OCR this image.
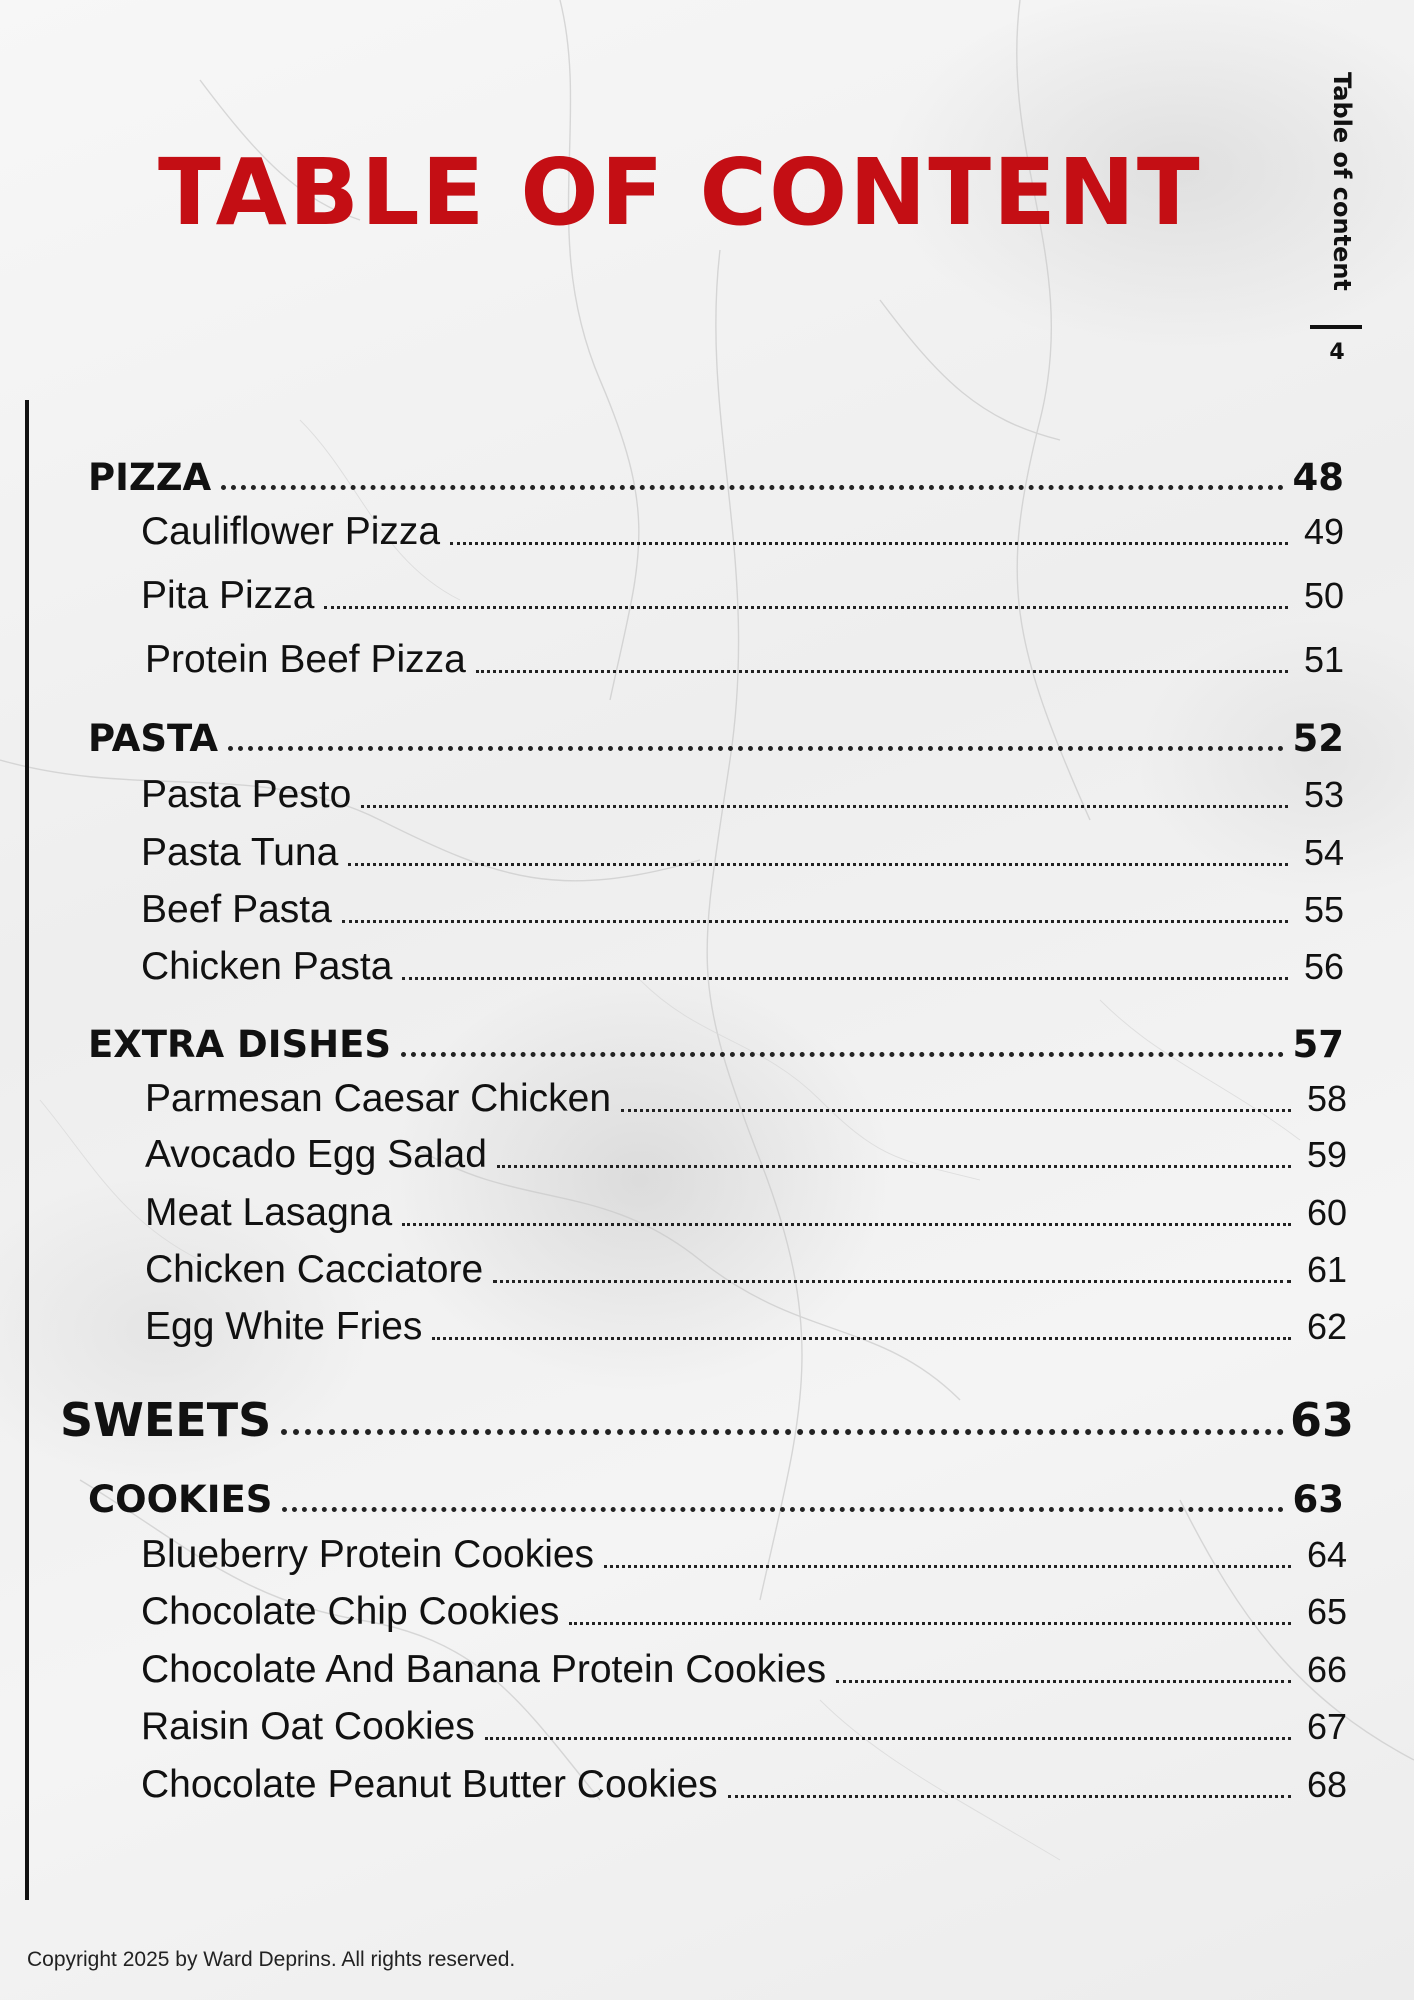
TABLE OF CONTENT	Table of content
4
PIZZA	48
Cauliflower Pizza	49
Pita Pizza	50
Protein Beef Pizza	51
PASTA	52
Pasta Pesto	53
Pasta Tuna	54
Beef Pasta	55
Chicken Pasta	56
EXTRA DISHES	57
Parmesan Caesar Chicken	58
Avocado Egg Salad	59
Meat Lasagna	60
Chicken Cacciatore	61
Egg White Fries	62
SWEETS	63
COOKIES	63
Blueberry Protein Cookies	64
Chocolate Chip Cookies	65
Chocolate And Banana Protein Cookies	66
Raisin Oat Cookies	67
Chocolate Peanut Butter Cookies	68

Copyright 2025 by Ward Deprins. All rights reserved.
